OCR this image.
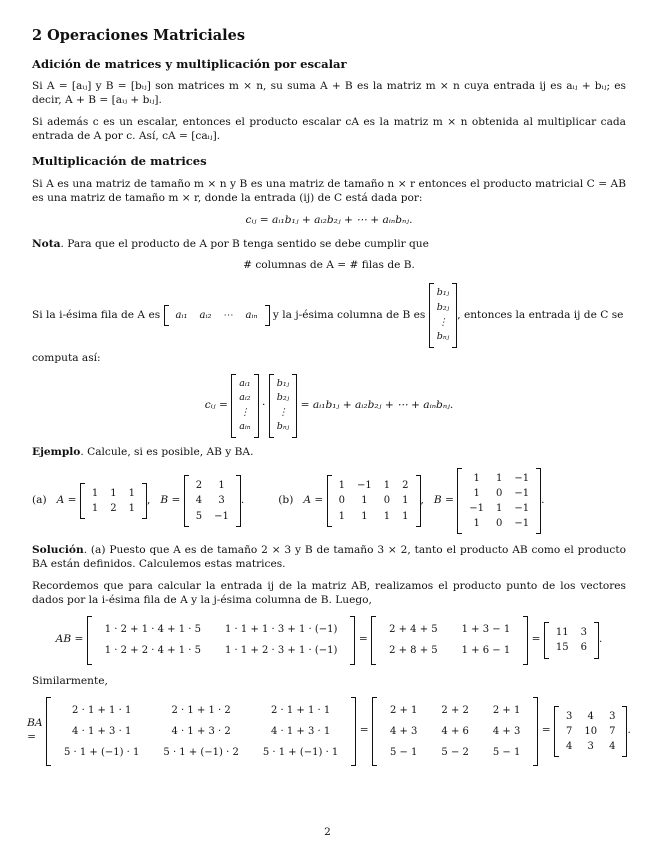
2 Operaciones Matriciales
Adición de matrices y multiplicación por escalar

Si A = [aᵢⱼ] y B = [bᵢⱼ] son matrices m × n, su suma A + B es la matriz m × n cuya entrada ij es aᵢⱼ + bᵢⱼ; es decir, A + B = [aᵢⱼ + bᵢⱼ].

Si además c es un escalar, entonces el producto escalar cA es la matriz m × n obtenida al multiplicar cada entrada de A por c. Así, cA = [caᵢⱼ].

Multiplicación de matrices

Si A es una matriz de tamaño m × n y B es una matriz de tamaño n × r entonces el producto matricial C = AB es una matriz de tamaño m × r, donde la entrada (ij) de C está dada por:

cᵢⱼ = aᵢ₁b₁ⱼ + aᵢ₂b₂ⱼ + ⋯ + aᵢₙbₙⱼ.

Nota. Para que el producto de A por B tenga sentido se debe cumplir que

# columnas de A = # filas de B.
Si la i-ésima fila de A es
aᵢ₁	aᵢ₂	⋯	aᵢₙ
y la j-ésima columna de B es

b₁ⱼ
b₂ⱼ
⋮
bₙⱼ
, entonces la entrada ij de C se

computa así:

cᵢⱼ =

aᵢ₁
aᵢ₂
⋮
aᵢₙ
·
b₁ⱼ
b₂ⱼ
⋮
bₙⱼ

= aᵢ₁b₁ⱼ + aᵢ₂b₂ⱼ + ⋯ + aᵢₙbₙⱼ.

Ejemplo. Calcule, si es posible, AB y BA.

(a) A =

1	1	1
1	2	1
, B =

2	1
4	3
5	−1
.	(b) A =

1	−1	1	2
0	1	0	1
1	1	1	1
, B =

1	1	−1
1	0	−1
−1	1	−1
1	0	−1
.

Solución. (a) Puesto que A es de tamaño 2 × 3 y B de tamaño 3 × 2, tanto el producto AB como el producto BA están definidos. Calculemos estas matrices.

Recordemos que para calcular la entrada ij de la matriz AB, realizamos el producto punto de los vectores dados por la i-ésima fila de A y la j-ésima columna de B. Luego,

AB =

1 · 2 + 1 · 4 + 1 · 5	1 · 1 + 1 · 3 + 1 · (−1)
1 · 2 + 2 · 4 + 1 · 5	1 · 1 + 2 · 3 + 1 · (−1)

=

2 + 4 + 5	1 + 3 − 1
2 + 8 + 5	1 + 6 − 1

=

11	3
15	6
.

Similarmente,

BA =

2 · 1 + 1 · 1	2 · 1 + 1 · 2	2 · 1 + 1 · 1
4 · 1 + 3 · 1	4 · 1 + 3 · 2	4 · 1 + 3 · 1
5 · 1 + (−1) · 1	5 · 1 + (−1) · 2	5 · 1 + (−1) · 1

=

2 + 1	2 + 2	2 + 1
4 + 3	4 + 6	4 + 3
5 − 1	5 − 2	5 − 1

=

3	4	3
7	10	7
4	3	4
.
2
